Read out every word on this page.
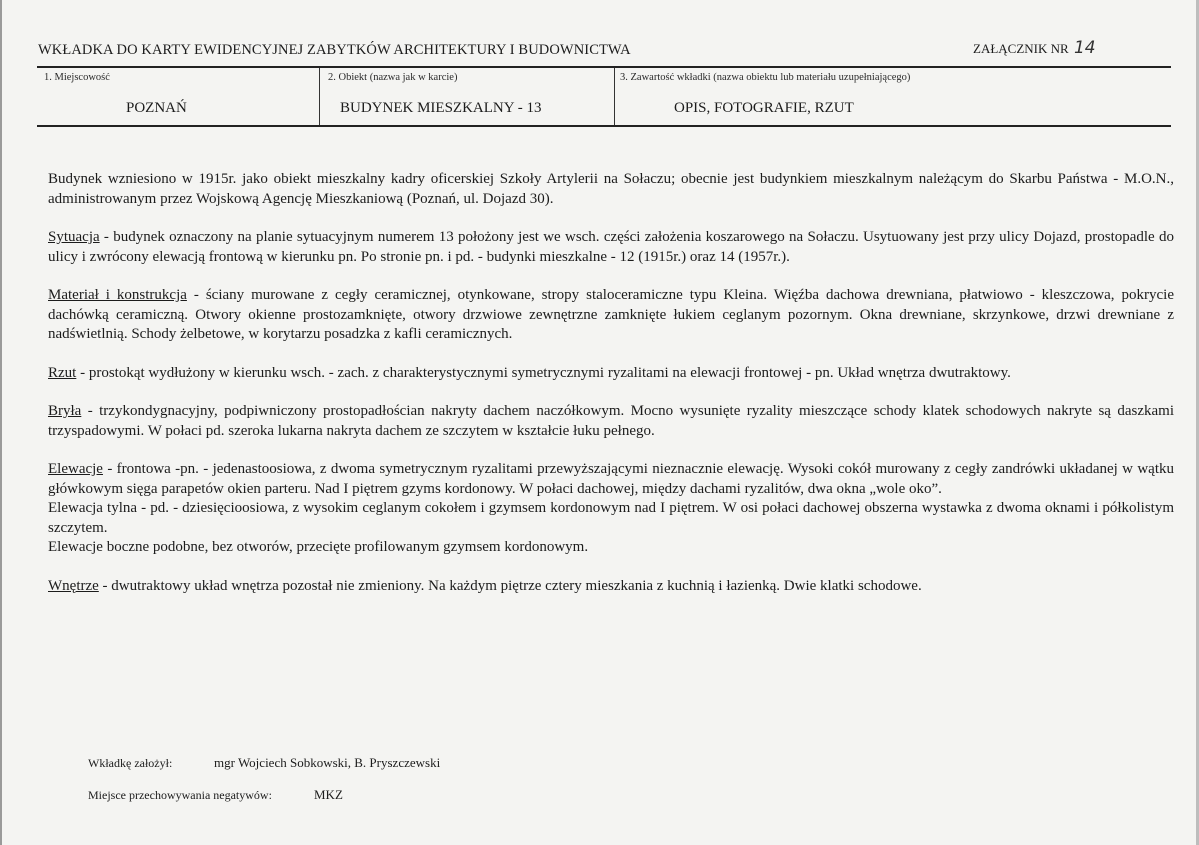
WKŁADKA DO KARTY EWIDENCYJNEJ ZABYTKÓW ARCHITEKTURY I BUDOWNICTWA	ZAŁĄCZNIK NR 14
1. Miejscowość
POZNAŃ
2. Obiekt (nazwa jak w karcie)
BUDYNEK MIESZKALNY - 13
3. Zawartość wkładki (nazwa obiektu lub materiału uzupełniającego)
OPIS, FOTOGRAFIE, RZUT

Budynek wzniesiono w 1915r. jako obiekt mieszkalny kadry oficerskiej Szkoły Artylerii na Sołaczu; obecnie jest budynkiem mieszkalnym należącym do Skarbu Państwa - M.O.N., administrowanym przez Wojskową Agencję Mieszkaniową (Poznań, ul. Dojazd 30).

Sytuacja - budynek oznaczony na planie sytuacyjnym numerem 13 położony jest we wsch. części założenia koszarowego na Sołaczu. Usytuowany jest przy ulicy Dojazd, prostopadle do ulicy i zwrócony elewacją frontową w kierunku pn. Po stronie pn. i pd. - budynki mieszkalne - 12 (1915r.) oraz 14 (1957r.).

Materiał i konstrukcja - ściany murowane z cegły ceramicznej, otynkowane, stropy staloceramiczne typu Kleina. Więźba dachowa drewniana, płatwiowo - kleszczowa, pokrycie dachówką ceramiczną. Otwory okienne prostozamknięte, otwory drzwiowe zewnętrzne zamknięte łukiem ceglanym pozornym. Okna drewniane, skrzynkowe, drzwi drewniane z nadświetlnią. Schody żelbetowe, w korytarzu posadzka z kafli ceramicznych.

Rzut - prostokąt wydłużony w kierunku wsch. - zach. z charakterystycznymi symetrycznymi ryzalitami na elewacji frontowej - pn. Układ wnętrza dwutraktowy.

Bryła - trzykondygnacyjny, podpiwniczony prostopadłościan nakryty dachem naczółkowym. Mocno wysunięte ryzality mieszczące schody klatek schodowych nakryte są daszkami trzyspadowymi. W połaci pd. szeroka lukarna nakryta dachem ze szczytem w kształcie łuku pełnego.

Elewacje - frontowa -pn. - jedenastoosiowa, z dwoma symetrycznym ryzalitami przewyższającymi nieznacznie elewację. Wysoki cokół murowany z cegły zandrówki układanej w wątku główkowym sięga parapetów okien parteru. Nad I piętrem gzyms kordonowy. W połaci dachowej, między dachami ryzalitów, dwa okna „wole oko”.

Elewacja tylna - pd. - dziesięcioosiowa, z wysokim ceglanym cokołem i gzymsem kordonowym nad I piętrem. W osi połaci dachowej obszerna wystawka z dwoma oknami i półkolistym szczytem.

Elewacje boczne podobne, bez otworów, przecięte profilowanym gzymsem kordonowym.

Wnętrze - dwutraktowy układ wnętrza pozostał nie zmieniony. Na każdym piętrze cztery mieszkania z kuchnią i łazienką. Dwie klatki schodowe.

Wkładkę założył:	mgr Wojciech Sobkowski, B. Pryszczewski
Miejsce przechowywania negatywów:	MKZ
